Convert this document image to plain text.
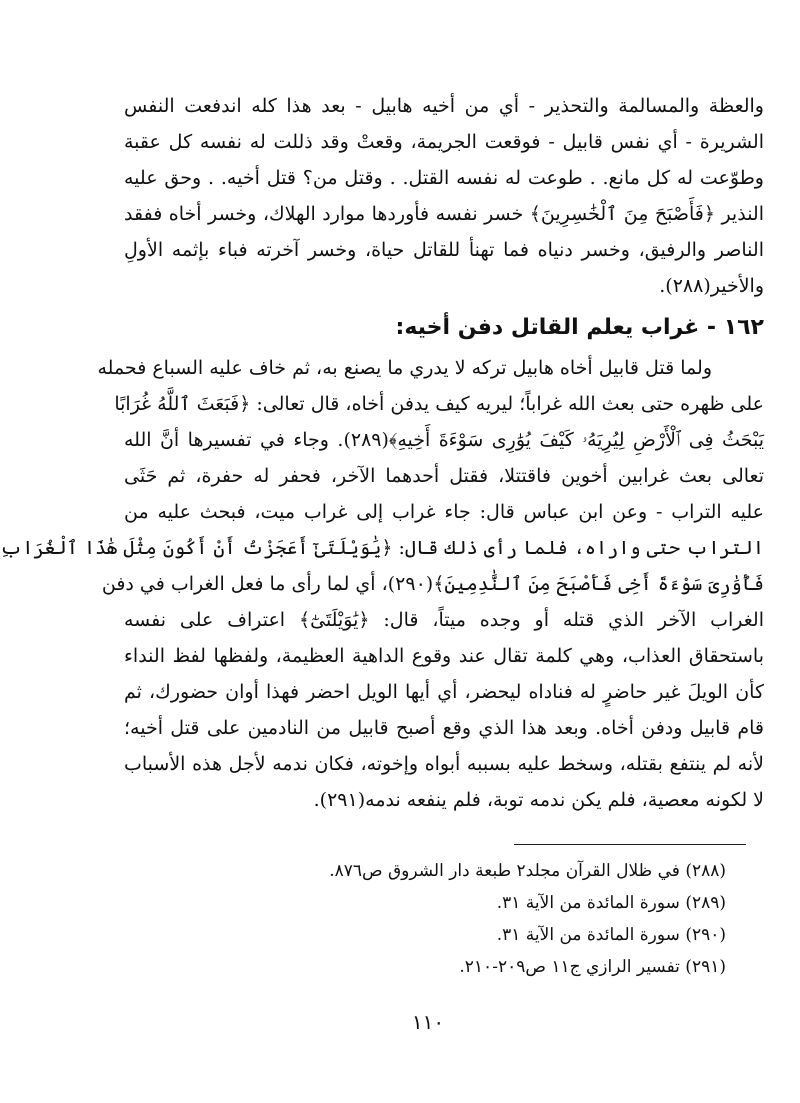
والعظة والمسالمة والتحذير - أي من أخيه هابيل - بعد هذا كله اندفعت النفس
الشريرة - أي نفس قابيل - فوقعت الجريمة، وقعتْ وقد ذللت له نفسه كل عقبة
وطوّعت له كل مانع. . طوعت له نفسه القتل. . وقتل من؟ قتل أخيه. . وحق عليه
النذير ﴿فَأَصْبَحَ مِنَ ٱلْخَٰسِرِينَ﴾ خسر نفسه فأوردها موارد الهلاك، وخسر أخاه ففقد
الناصر والرفيق، وخسر دنياه فما تهنأ للقاتل حياة، وخسر آخرته فباء بإثمه الأولِ
والأخير(٢٨٨).
١٦٢ - غراب يعلم القاتل دفن أخيه:
ولما قتل قابيل أخاه هابيل تركه لا يدري ما يصنع به، ثم خاف عليه السباع فحمله
على ظهره حتى بعث الله غراباً؛ ليريه كيف يدفن أخاه، قال تعالى: ﴿فَبَعَثَ ٱللَّهُ غُرَابًا
يَبْحَثُ فِى ٱلْأَرْضِ لِيُرِيَهُۥ كَيْفَ يُوَٰرِى سَوْءَةَ أَخِيهِ﴾(٢٨٩). وجاء في تفسيرها أنَّ الله
تعالى بعث غرابين أخوين فاقتتلا، فقتل أحدهما الآخر، فحفر له حفرة، ثم حَثَى
عليه التراب - وعن ابن عباس قال: جاء غراب إلى غراب ميت، فبحث عليه من
التراب حتى واراه، فلما رأى ذلك قال: ﴿يَٰوَيْلَتَىٰٓ أَعَجَزْتُ أَنْ أَكُونَ مِثْلَ هَٰذَا ٱلْغُرَابِ
فَأُوَٰرِىَ سَوْءَةَ أَخِى فَأَصْبَحَ مِنَ ٱلنَّٰدِمِينَ﴾(٢٩٠)، أي لما رأى ما فعل الغراب في دفن
الغراب الآخر الذي قتله أو وجده ميتاً، قال: ﴿يَٰوَيْلَتَىٰٓ﴾ اعتراف على نفسه
باستحقاق العذاب، وهي كلمة تقال عند وقوع الداهية العظيمة، ولفظها لفظ النداء
كأن الويلَ غير حاضرٍ له فناداه ليحضر، أي أيها الويل احضر فهذا أوان حضورك، ثم
قام قابيل ودفن أخاه. وبعد هذا الذي وقع أصبح قابيل من النادمين على قتل أخيه؛
لأنه لم ينتفع بقتله، وسخط عليه بسببه أبواه وإخوته، فكان ندمه لأجل هذه الأسباب
لا لكونه معصية، فلم يكن ندمه توبة، فلم ينفعه ندمه(٢٩١).
(٢٨٨) في ظلال القرآن مجلد٢ طبعة دار الشروق ص٨٧٦.
(٢٨٩) سورة المائدة من الآية ٣١.
(٢٩٠) سورة المائدة من الآية ٣١.
(٢٩١) تفسير الرازي ج١١ ص٢٠٩-٢١٠.
١١٠
